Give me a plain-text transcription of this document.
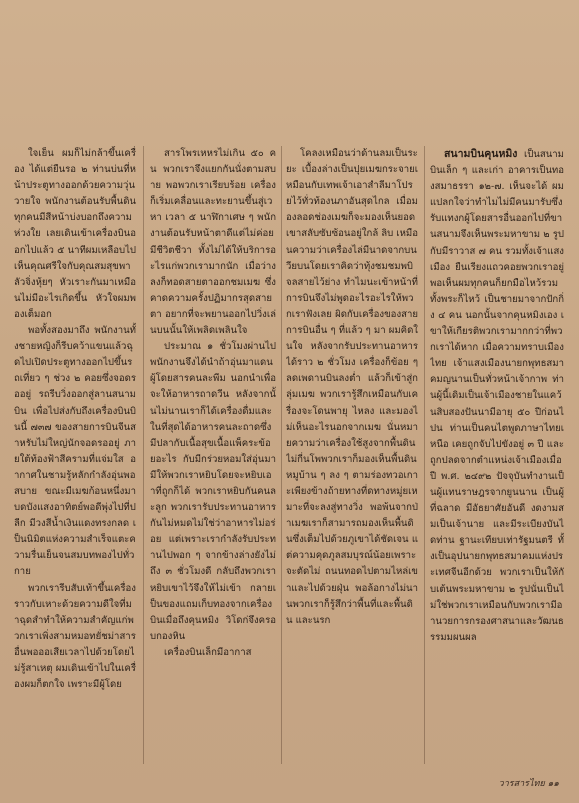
ใจเย็น ผมก็ไม่กล้าขึ้นเครื่อง ได้แต่ยืนรอ ๒ ท่านบ่นที่หน้าประตูทางออกด้วยความวุ่นวายใจ พนักงานต้อนรับพื้นดินทุกคนมีสีหน้าบ่งบอกถึงความห่วงใย เลยเดินเข้าเครื่องบินออกไปแล้ว ๕ นาทีผมเหลือบไปเห็นคุณศรีใจกับคุณสมสุขพาลัวจิ่งหุ้ยๆ หัวเราะกันมาเหมือนไม่มีอะไรเกิดขึ้น หัวใจผมพองเต็มอก

พอทั้งสองมาถึง พนักงานทั้งชายหญิงก็รีบคว้าแขนแล้วฉุดไปเปิดประตูทางออกไปขึ้นรถเที่ยว ๆ ช่วง ๒ คอยซึ่งจอดรออยู่ รถรีบวิ่งออกสู่ลานสนามบิน เพื่อไปส่งกับถึงเครื่องบินบินนี้ ๗๓๗ ของสายการบินจีนสำหรับไม่ใหญ่นักจอดรออยู่ ภายใต้ท้องฟ้าสีครามที่แจ่มใส อากาศในชามรู้หลักกำลังอุ่นพอสบาย ขณะมีเมฆก้อนหนึ่งมาบดบังแสงอาทิตย์พอดีพุ่งไปที่ปลีก มีวงสีน้ำเงินแดงทรงกลด เป็นนิมิตแห่งความสำเร็จแตะความรื่นเย็นจนสมบทพองไปทั่วกาย

พวกเรารีบสับเท้าขึ้นเครื่องราวกับเหาะด้วยความดีใจที่มาฉุดสำทำให้ความสำคัญแก่พวกเราเพิ่งสามหมอทยั่ชม่าสาร อื่นพอออเสียเวลาไปด้วยโดยไม่รู้สาเหตุ ผมเดินเข้าไปในเครื่องผมก็ตกใจ เพราะมีผู้โดย

สารโพรเหหรไม่เกิน ๕๐ คน พวกเราจึงแยกกันนั่งตามสบาย พอพวกเราเรียบร้อย เครื่องก็เริ่มเคลื่อนและทะยานขึ้นสู่เวหา เวลา ๕ นาฬิกาเศษ ๆ พนักงานต้อนรับหน้าตาดีแต่ไม่ค่อยมีชีวิตชีวา ทั้งไม่ได้ให้บริการอะไรแก่พวกเรามากนัก เมื่อว่างลงก็ทอดสายตาออกชมเมฆ ซึ่งคาดความครั้งปฏิมากรสุดสายตา อยากที่จะพยานออกไปวิ่งเล่นบนนั้นให้เพลิดเพลินใจ

ประมาณ ๑ ชั่วโมงผ่านไปพนักงานจึงได้นำถ้าอุ่นมาแดนผู้โดยสารคนละพีม นอกนำเพื่อจะให้อาหารถาดวีน หลังจากนั้นไม่นานเราก็ได้เครื่องดื่มและในที่สุดได้อาหารคนละถาดซึ่งมีปลากับเนื้อสุขเนื้อแพ็คระข้อยอะไร กับมีกร่วยหอมใส่อุ่นมามีให้พวกเราหยิบโดยจะหยิบเอาที่ถูกก็ได้ พวกเราหยิบกันคนละลูก พวกเรารับประทานอาหารกันไม่หมดไม่ใช่ว่าอาหารไม่อร่อย แต่เพราะเรากำลังรับประทานไปพอก ๆ จากข้างล่างยังไม่ถึง ๓ ชั่วโมงดี กลับถึงพวกเราหยิบเขาไว้จึงให้ไม่เข้า กลายเป็นของแถมเก็บทองจากเครื่องบินเมื่อถึงคุนหมิง วิโดก่จึงครอบกองหิน

เครื่องบินเล็กมีอากาส

โคลงเหมือนว่าด้านลมเป็นระยะ เบื้องล่างเป็นปุยเมฆกระจายเหมือนกับเทพเจ้าเอาสำลีมาโปรยไว้ทั่วท้องนภาอันสุดไกล เมื่อมองลอดช่องเมฆก็จะมองเห็นยอดเขาสลับซับซ้อนอยู่ใกล้ ลิบ เหมือนความว่าเครื่องไล่มีนาดจากบนวียบนโดยเราคิดว่าทุ้งชมชมพบิจลสายไว้ย่าง ทำไมนะเข้าหน้าที่การบินจึงไม่พูดอะไรอะไรให้พวกเราฟังเลย ผิดกับเครื่องของสายการบินอื่น ๆ ที่แล้ว ๆ มา ผมคิดในใจ หลังจากรับประทานอาหารได้ราว ๒ ชั่วโมง เครื่องก็ข้อย ๆ ลดเพดานบินลงต่ำ แล้วก็เข้าสู่กลุ่มเมฆ พวกเรารู้สึกเหมือนกับเครื่องจะโดนพายุ ไหลง และมองไม่เห็นอะไรนอกจากเมฆ นั่นหมายความว่าเครื่องใช้สูงจากพื้นดินไม่กี่นโพพวกเราก็มองเห็นพื้นดินหมูบ้าน ๆ ลง ๆ ตามร่องทวอเกาะเพียงข้างถ้ายทางที่ดทางหมู่ยเหมาะที่จะลงสู่ทางวิ่ง พอพ้นจากป่าเมฆเราก็สามารถมองเห็นพื้นดินซึ่งเต็มไปด้วยภูเขาได้ชัดเจน แต่ความคุดภูลสมบุรณ์น้อยเพราะจะตัดไม่ ถนนทอดไปตามไหล่เขาและไปด้วยฝุ่น พอล้อกางไม่นานพวกเราก็รู้สึกว่าพื้นที่และพื้นดิน และนรก

สนามบินคุนหมิง เป็นสนามบินเล็ก ๆ และเก่า อาคารเป็นทองสมาธรรา ๑๒-๗. เห็นจะได้ ผมแปลกใจว่าทำไมไม่มีคนมารับซึ่งรับแทงกผู้โดยสารอื่นออกไปที่ขานสนามจึงเห็นพระมหาขาม ๒ รูปกับมีราวาส ๗ คน รวมทั้งเจ้าแสงเมือง ยืนเรียงแถวคอยพวกเราอยู่พอเห็นผมทุกคนก็ยกมือไหว้รวมทั้งพระก็ไหว้ เป็นชายมาจากปักกิ่ง ๔ คน นอกนั้นจากคุนหมิงเอง เขาให้เกียรติพวกเรามากกว่าที่พวกเราได้หาก เมื่อความทราบเมืองไทย เจ้าแสงเมืองนายกพุทธสมาคมญนานเป็นทั่วหน้าเจ้ากาพ ท่านผู้นี้เดิมเป็นเจ้าเมืองชายในแคว้นสิบสองปันนามีอายุ ๕๐ ปีก่อนไปน ท่านเป็นคนไตพูดภาษาไทยเหนือ เคยถูกจับไปขังอยู่ ๓ ปี และถูกปลดจากตำแหน่งเจ้าเมืองเมื่อปี พ.ศ. ๒๔๙๒ ปัจจุบันทำงานเป็นผู้แทนราษฎรจากยูนนาน เป็นผู้ที่ฉลาด มีอัธยาศัยอันดี งดงามสมเป็นเจ้านาย และมีระเบียงบันไดท่าน ฐานะเทียบเท่ารัฐมนตรี ทั้งเป็นอุปนายกพุทธสมาคมแห่งประเทศจีนอีกด้วย พวกเราเป็นให้กับเต้นพระมหาขาม ๒ รูปนั่นเป็นไม่ใช่พวกเราเหมือนกับพวกเรามีอำนวยการกรองศาสนาและวัฒนธรรมมผนผล

วารสารไทย ๑๑
